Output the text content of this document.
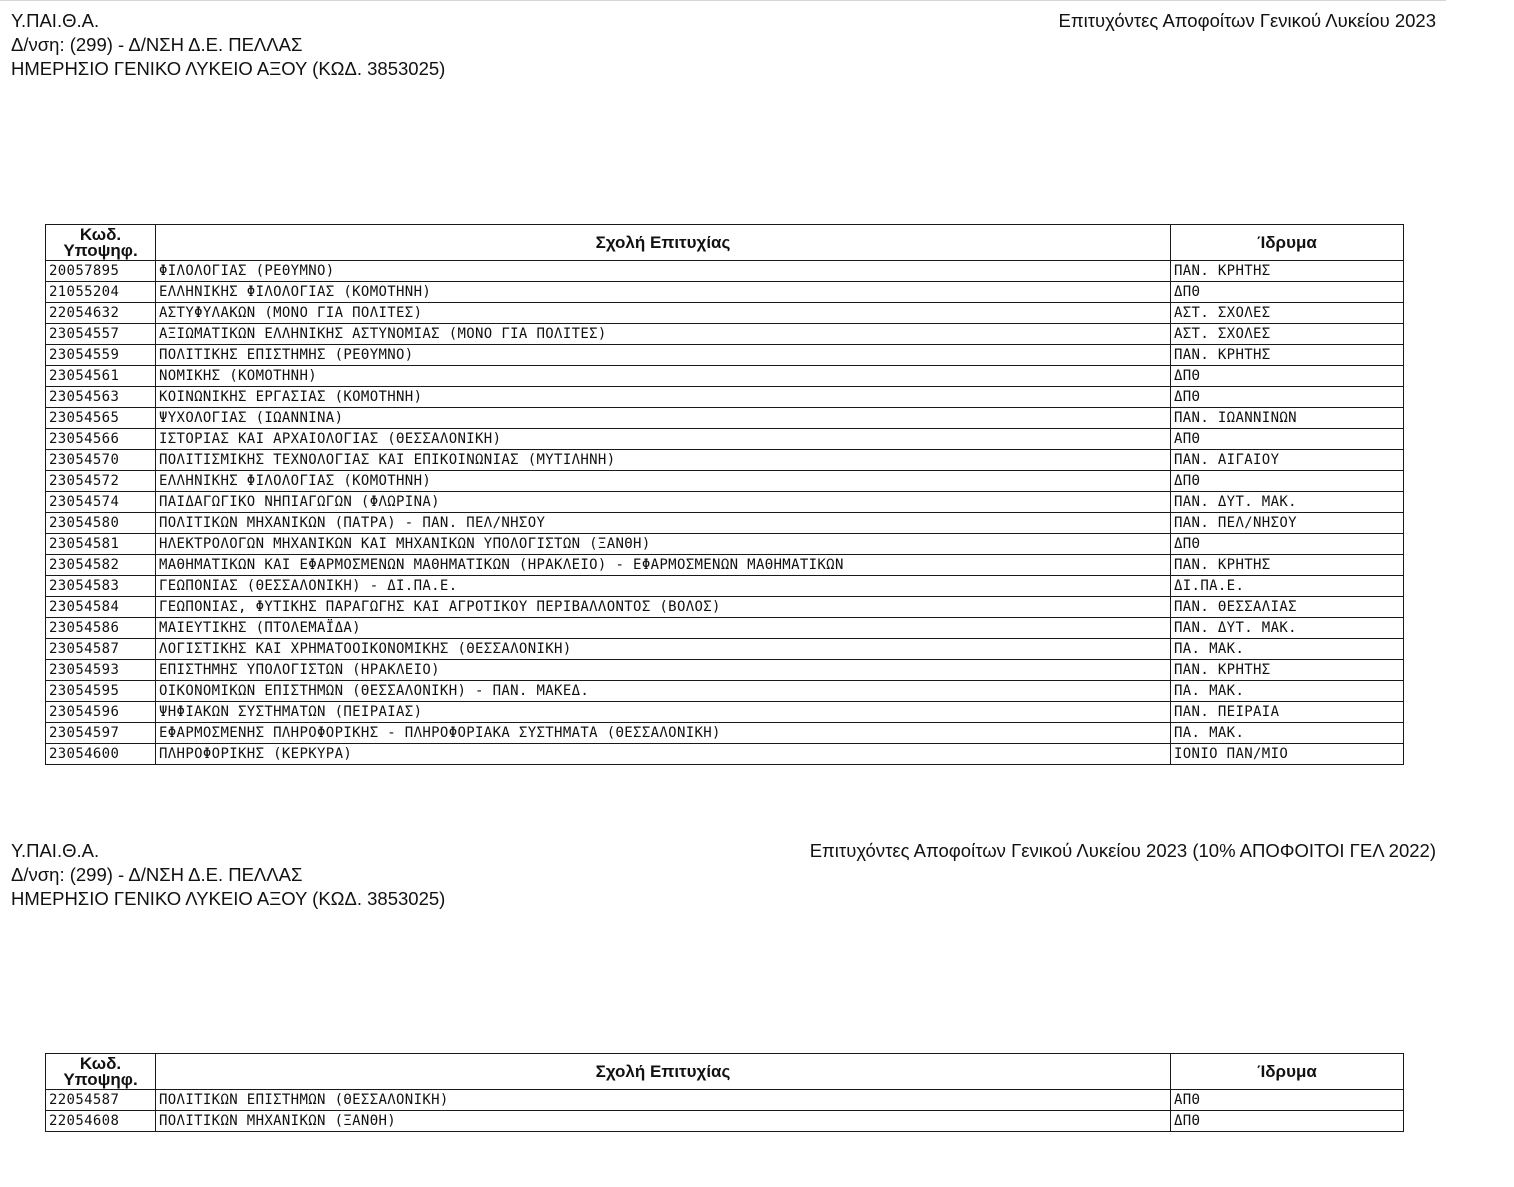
Υ.ΠΑΙ.Θ.Α.
Δ/νση: (299) - Δ/ΝΣΗ Δ.Ε. ΠΕΛΛΑΣ
ΗΜΕΡΗΣΙΟ ΓΕΝΙΚΟ ΛΥΚΕΙΟ ΑΞΟΥ (ΚΩΔ. 3853025)
Επιτυχόντες Αποφοίτων Γενικού Λυκείου 2023
Κωδ.
Υποψηφ.	Σχολή Επιτυχίας	Ίδρυμα
20057895	ΦΙΛΟΛΟΓΙΑΣ (ΡΕΘΥΜΝΟ)	ΠΑΝ. ΚΡΗΤΗΣ
21055204	ΕΛΛΗΝΙΚΗΣ ΦΙΛΟΛΟΓΙΑΣ (ΚΟΜΟΤΗΝΗ)	ΔΠΘ
22054632	ΑΣΤΥΦΥΛΑΚΩΝ (ΜΟΝΟ ΓΙΑ ΠΟΛΙΤΕΣ)	ΑΣΤ. ΣΧΟΛΕΣ
23054557	ΑΞΙΩΜΑΤΙΚΩΝ ΕΛΛΗΝΙΚΗΣ ΑΣΤΥΝΟΜΙΑΣ (ΜΟΝΟ ΓΙΑ ΠΟΛΙΤΕΣ)	ΑΣΤ. ΣΧΟΛΕΣ
23054559	ΠΟΛΙΤΙΚΗΣ ΕΠΙΣΤΗΜΗΣ (ΡΕΘΥΜΝΟ)	ΠΑΝ. ΚΡΗΤΗΣ
23054561	ΝΟΜΙΚΗΣ (ΚΟΜΟΤΗΝΗ)	ΔΠΘ
23054563	ΚΟΙΝΩΝΙΚΗΣ ΕΡΓΑΣΙΑΣ (ΚΟΜΟΤΗΝΗ)	ΔΠΘ
23054565	ΨΥΧΟΛΟΓΙΑΣ (ΙΩΑΝΝΙΝΑ)	ΠΑΝ. ΙΩΑΝΝΙΝΩΝ
23054566	ΙΣΤΟΡΙΑΣ ΚΑΙ ΑΡΧΑΙΟΛΟΓΙΑΣ (ΘΕΣΣΑΛΟΝΙΚΗ)	ΑΠΘ
23054570	ΠΟΛΙΤΙΣΜΙΚΗΣ ΤΕΧΝΟΛΟΓΙΑΣ ΚΑΙ ΕΠΙΚΟΙΝΩΝΙΑΣ (ΜΥΤΙΛΗΝΗ)	ΠΑΝ. ΑΙΓΑΙΟΥ
23054572	ΕΛΛΗΝΙΚΗΣ ΦΙΛΟΛΟΓΙΑΣ (ΚΟΜΟΤΗΝΗ)	ΔΠΘ
23054574	ΠΑΙΔΑΓΩΓΙΚΟ ΝΗΠΙΑΓΩΓΩΝ (ΦΛΩΡΙΝΑ)	ΠΑΝ. ΔΥΤ. ΜΑΚ.
23054580	ΠΟΛΙΤΙΚΩΝ ΜΗΧΑΝΙΚΩΝ (ΠΑΤΡΑ) - ΠΑΝ. ΠΕΛ/ΝΗΣΟΥ	ΠΑΝ. ΠΕΛ/ΝΗΣΟΥ
23054581	ΗΛΕΚΤΡΟΛΟΓΩΝ ΜΗΧΑΝΙΚΩΝ ΚΑΙ ΜΗΧΑΝΙΚΩΝ ΥΠΟΛΟΓΙΣΤΩΝ (ΞΑΝΘΗ)	ΔΠΘ
23054582	ΜΑΘΗΜΑΤΙΚΩΝ ΚΑΙ ΕΦΑΡΜΟΣΜΕΝΩΝ ΜΑΘΗΜΑΤΙΚΩΝ (ΗΡΑΚΛΕΙΟ) - ΕΦΑΡΜΟΣΜΕΝΩΝ ΜΑΘΗΜΑΤΙΚΩΝ	ΠΑΝ. ΚΡΗΤΗΣ
23054583	ΓΕΩΠΟΝΙΑΣ (ΘΕΣΣΑΛΟΝΙΚΗ) - ΔΙ.ΠΑ.Ε.	ΔΙ.ΠΑ.Ε.
23054584	ΓΕΩΠΟΝΙΑΣ, ΦΥΤΙΚΗΣ ΠΑΡΑΓΩΓΗΣ ΚΑΙ ΑΓΡΟΤΙΚΟΥ ΠΕΡΙΒΑΛΛΟΝΤΟΣ (ΒΟΛΟΣ)	ΠΑΝ. ΘΕΣΣΑΛΙΑΣ
23054586	ΜΑΙΕΥΤΙΚΗΣ (ΠΤΟΛΕΜΑΪΔΑ)	ΠΑΝ. ΔΥΤ. ΜΑΚ.
23054587	ΛΟΓΙΣΤΙΚΗΣ ΚΑΙ ΧΡΗΜΑΤΟΟΙΚΟΝΟΜΙΚΗΣ (ΘΕΣΣΑΛΟΝΙΚΗ)	ΠΑ. ΜΑΚ.
23054593	ΕΠΙΣΤΗΜΗΣ ΥΠΟΛΟΓΙΣΤΩΝ (ΗΡΑΚΛΕΙΟ)	ΠΑΝ. ΚΡΗΤΗΣ
23054595	ΟΙΚΟΝΟΜΙΚΩΝ ΕΠΙΣΤΗΜΩΝ (ΘΕΣΣΑΛΟΝΙΚΗ) - ΠΑΝ. ΜΑΚΕΔ.	ΠΑ. ΜΑΚ.
23054596	ΨΗΦΙΑΚΩΝ ΣΥΣΤΗΜΑΤΩΝ (ΠΕΙΡΑΙΑΣ)	ΠΑΝ. ΠΕΙΡΑΙΑ
23054597	ΕΦΑΡΜΟΣΜΕΝΗΣ ΠΛΗΡΟΦΟΡΙΚΗΣ - ΠΛΗΡΟΦΟΡΙΑΚΑ ΣΥΣΤΗΜΑΤΑ (ΘΕΣΣΑΛΟΝΙΚΗ)	ΠΑ. ΜΑΚ.
23054600	ΠΛΗΡΟΦΟΡΙΚΗΣ (ΚΕΡΚΥΡΑ)	ΙΟΝΙΟ ΠΑΝ/ΜΙΟ
Υ.ΠΑΙ.Θ.Α.
Δ/νση: (299) - Δ/ΝΣΗ Δ.Ε. ΠΕΛΛΑΣ
ΗΜΕΡΗΣΙΟ ΓΕΝΙΚΟ ΛΥΚΕΙΟ ΑΞΟΥ (ΚΩΔ. 3853025)
Επιτυχόντες Αποφοίτων Γενικού Λυκείου 2023 (10% ΑΠΟΦΟΙΤΟΙ ΓΕΛ 2022)
Κωδ.
Υποψηφ.	Σχολή Επιτυχίας	Ίδρυμα
22054587	ΠΟΛΙΤΙΚΩΝ ΕΠΙΣΤΗΜΩΝ (ΘΕΣΣΑΛΟΝΙΚΗ)	ΑΠΘ
22054608	ΠΟΛΙΤΙΚΩΝ ΜΗΧΑΝΙΚΩΝ (ΞΑΝΘΗ)	ΔΠΘ
